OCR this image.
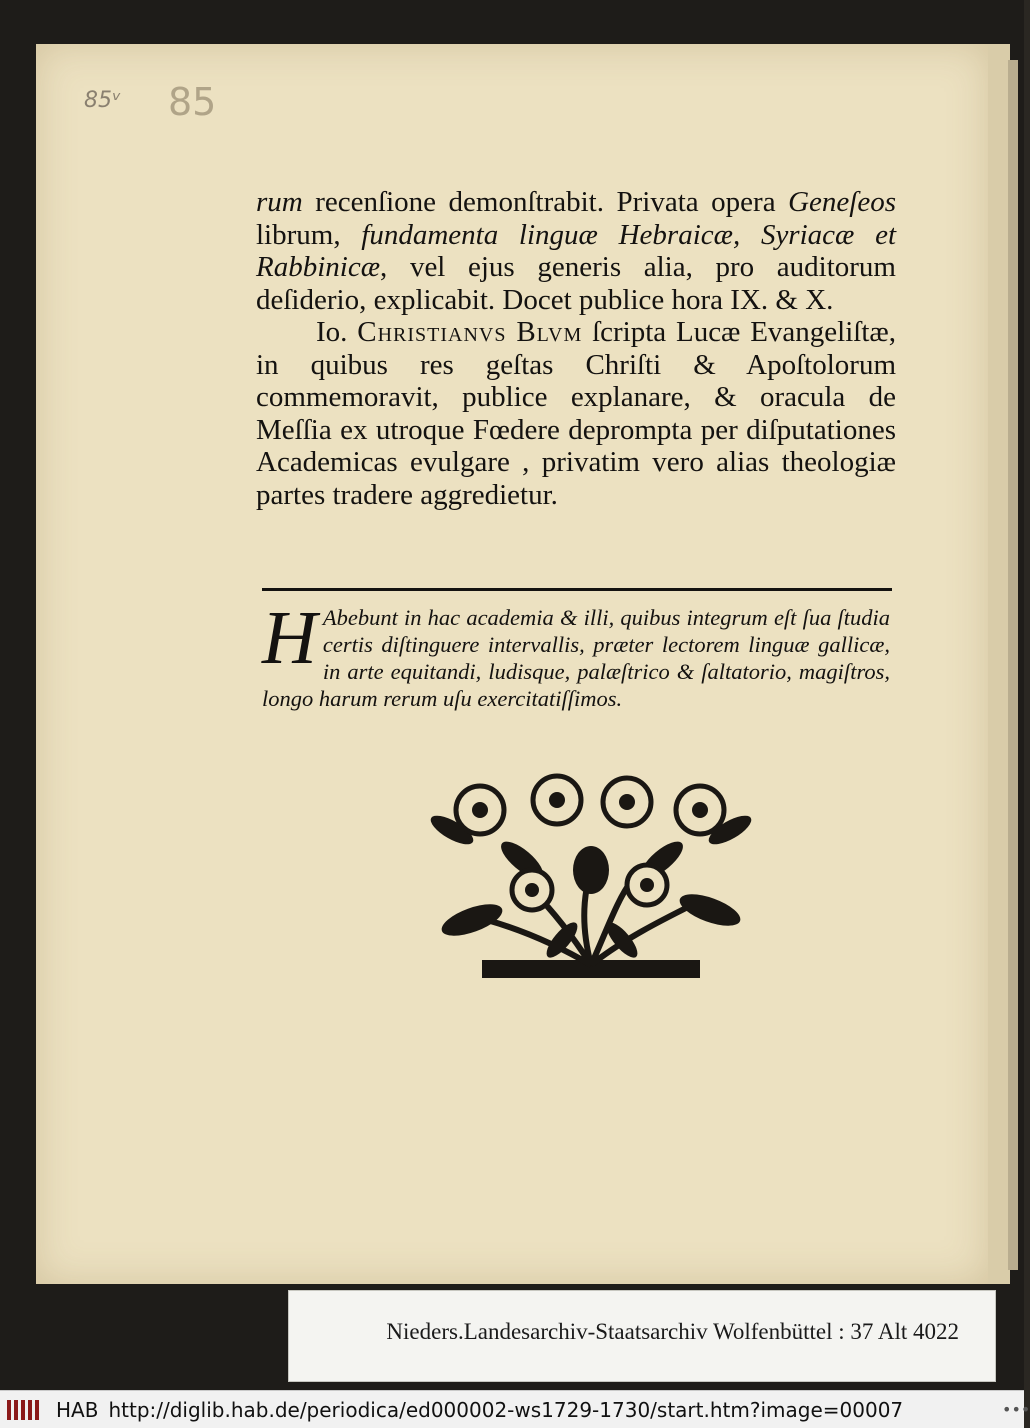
85ᵛ 85

rum recenſione demonſtrabit. Privata opera Geneſeos librum, fundamenta linguæ Hebraicæ, Syriacæ et Rabbinicæ, vel ejus generis alia, pro auditorum deſiderio, explicabit. Docet publice hora IX. & X.

Io. Christianvs Blvm ſcripta Lucæ Evangeliſtæ, in quibus res geſtas Chriſti & Apoſtolorum commemoravit, publice explanare, & oracula de Meſſia ex utroque Fœdere deprompta per diſputationes Academicas evulgare , privatim vero alias theologiæ partes tradere aggredietur.

H Abebunt in hac academia & illi, quibus integrum eſt ſua ſtudia certis diſtinguere intervallis, præter lectorem linguæ gallicæ, in arte equitandi, ludisque, palæſtrico & ſaltatorio, magiſtros, longo harum rerum uſu exercitatiſſimos.

Nieders.Landesarchiv-Staatsarchiv Wolfenbüttel : 37 Alt 4022
HAB http://diglib.hab.de/periodica/ed000002-ws1729-1730/start.htm?image=00007	•••
